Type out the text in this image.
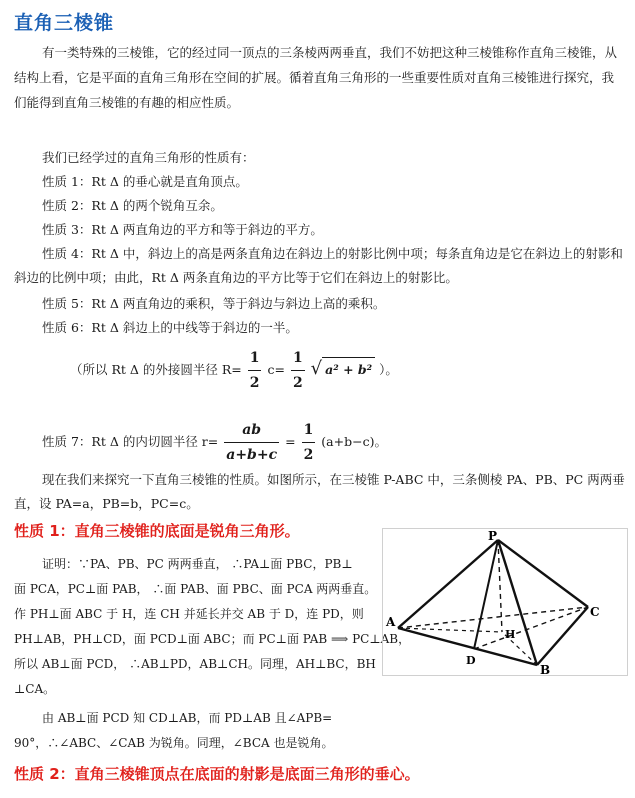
直角三棱锥
有一类特殊的三棱锥，它的经过同一顶点的三条棱两两垂直，我们不妨把这种三棱锥称作直角三棱锥，从结构上看，它是平面的直角三角形在空间的扩展。循着直角三角形的一些重要性质对直角三棱锥进行探究，我们能得到直角三棱锥的有趣的相应性质。
我们已经学过的直角三角形的性质有：
性质 1：Rt Δ 的垂心就是直角顶点。
性质 2：Rt Δ 的两个锐角互余。
性质 3：Rt Δ 两直角边的平方和等于斜边的平方。
性质 4：Rt Δ 中，斜边上的高是两条直角边在斜边上的射影比例中项；每条直角边是它在斜边上的射影和斜边的比例中项；由此，Rt Δ 两条直角边的平方比等于它们在斜边上的射影比。
性质 5：Rt Δ 两直角边的乘积，等于斜边与斜边上高的乘积。
性质 6：Rt Δ 斜边上的中线等于斜边的一半。
（所以 Rt Δ 的外接圆半径 $R= \frac{1}{2} c= \frac{1}{2}$ √ a² + b² ）。
性质 7：Rt Δ 的内切圆半径 $r= \frac{ab}{a+b+c} = \frac{1}{2} (a+b-c)$。
现在我们来探究一下直角三棱锥的性质。如图所示，在三棱锥 P-ABC 中，三条侧棱 PA、PB、PC 两两垂直，设 PA=a，PB=b，PC=c。
性质 1：直角三棱锥的底面是锐角三角形。
证明：∵PA、PB、PC 两两垂直， ∴PA⊥面 PBC，PB⊥
面 PCA，PC⊥面 PAB， ∴面 PAB、面 PBC、面 PCA 两两垂直。
作 PH⊥面 ABC 于 H，连 CH 并延长并交 AB 于 D，连 PD，则
PH⊥AB，PH⊥CD，面 PCD⊥面 ABC；而 PC⊥面 PAB ⟹ PC⊥AB，
所以 AB⊥面 PCD， ∴AB⊥PD，AB⊥CH。同理，AH⊥BC，BH
⊥CA。
由 AB⊥面 PCD 知 CD⊥AB，而 PD⊥AB 且∠APB=
90°，∴∠ABC、∠CAB 为锐角。同理，∠BCA 也是锐角。
性质 2：直角三棱锥顶点在底面的射影是底面三角形的垂心。
P
A
B
C
D
H
